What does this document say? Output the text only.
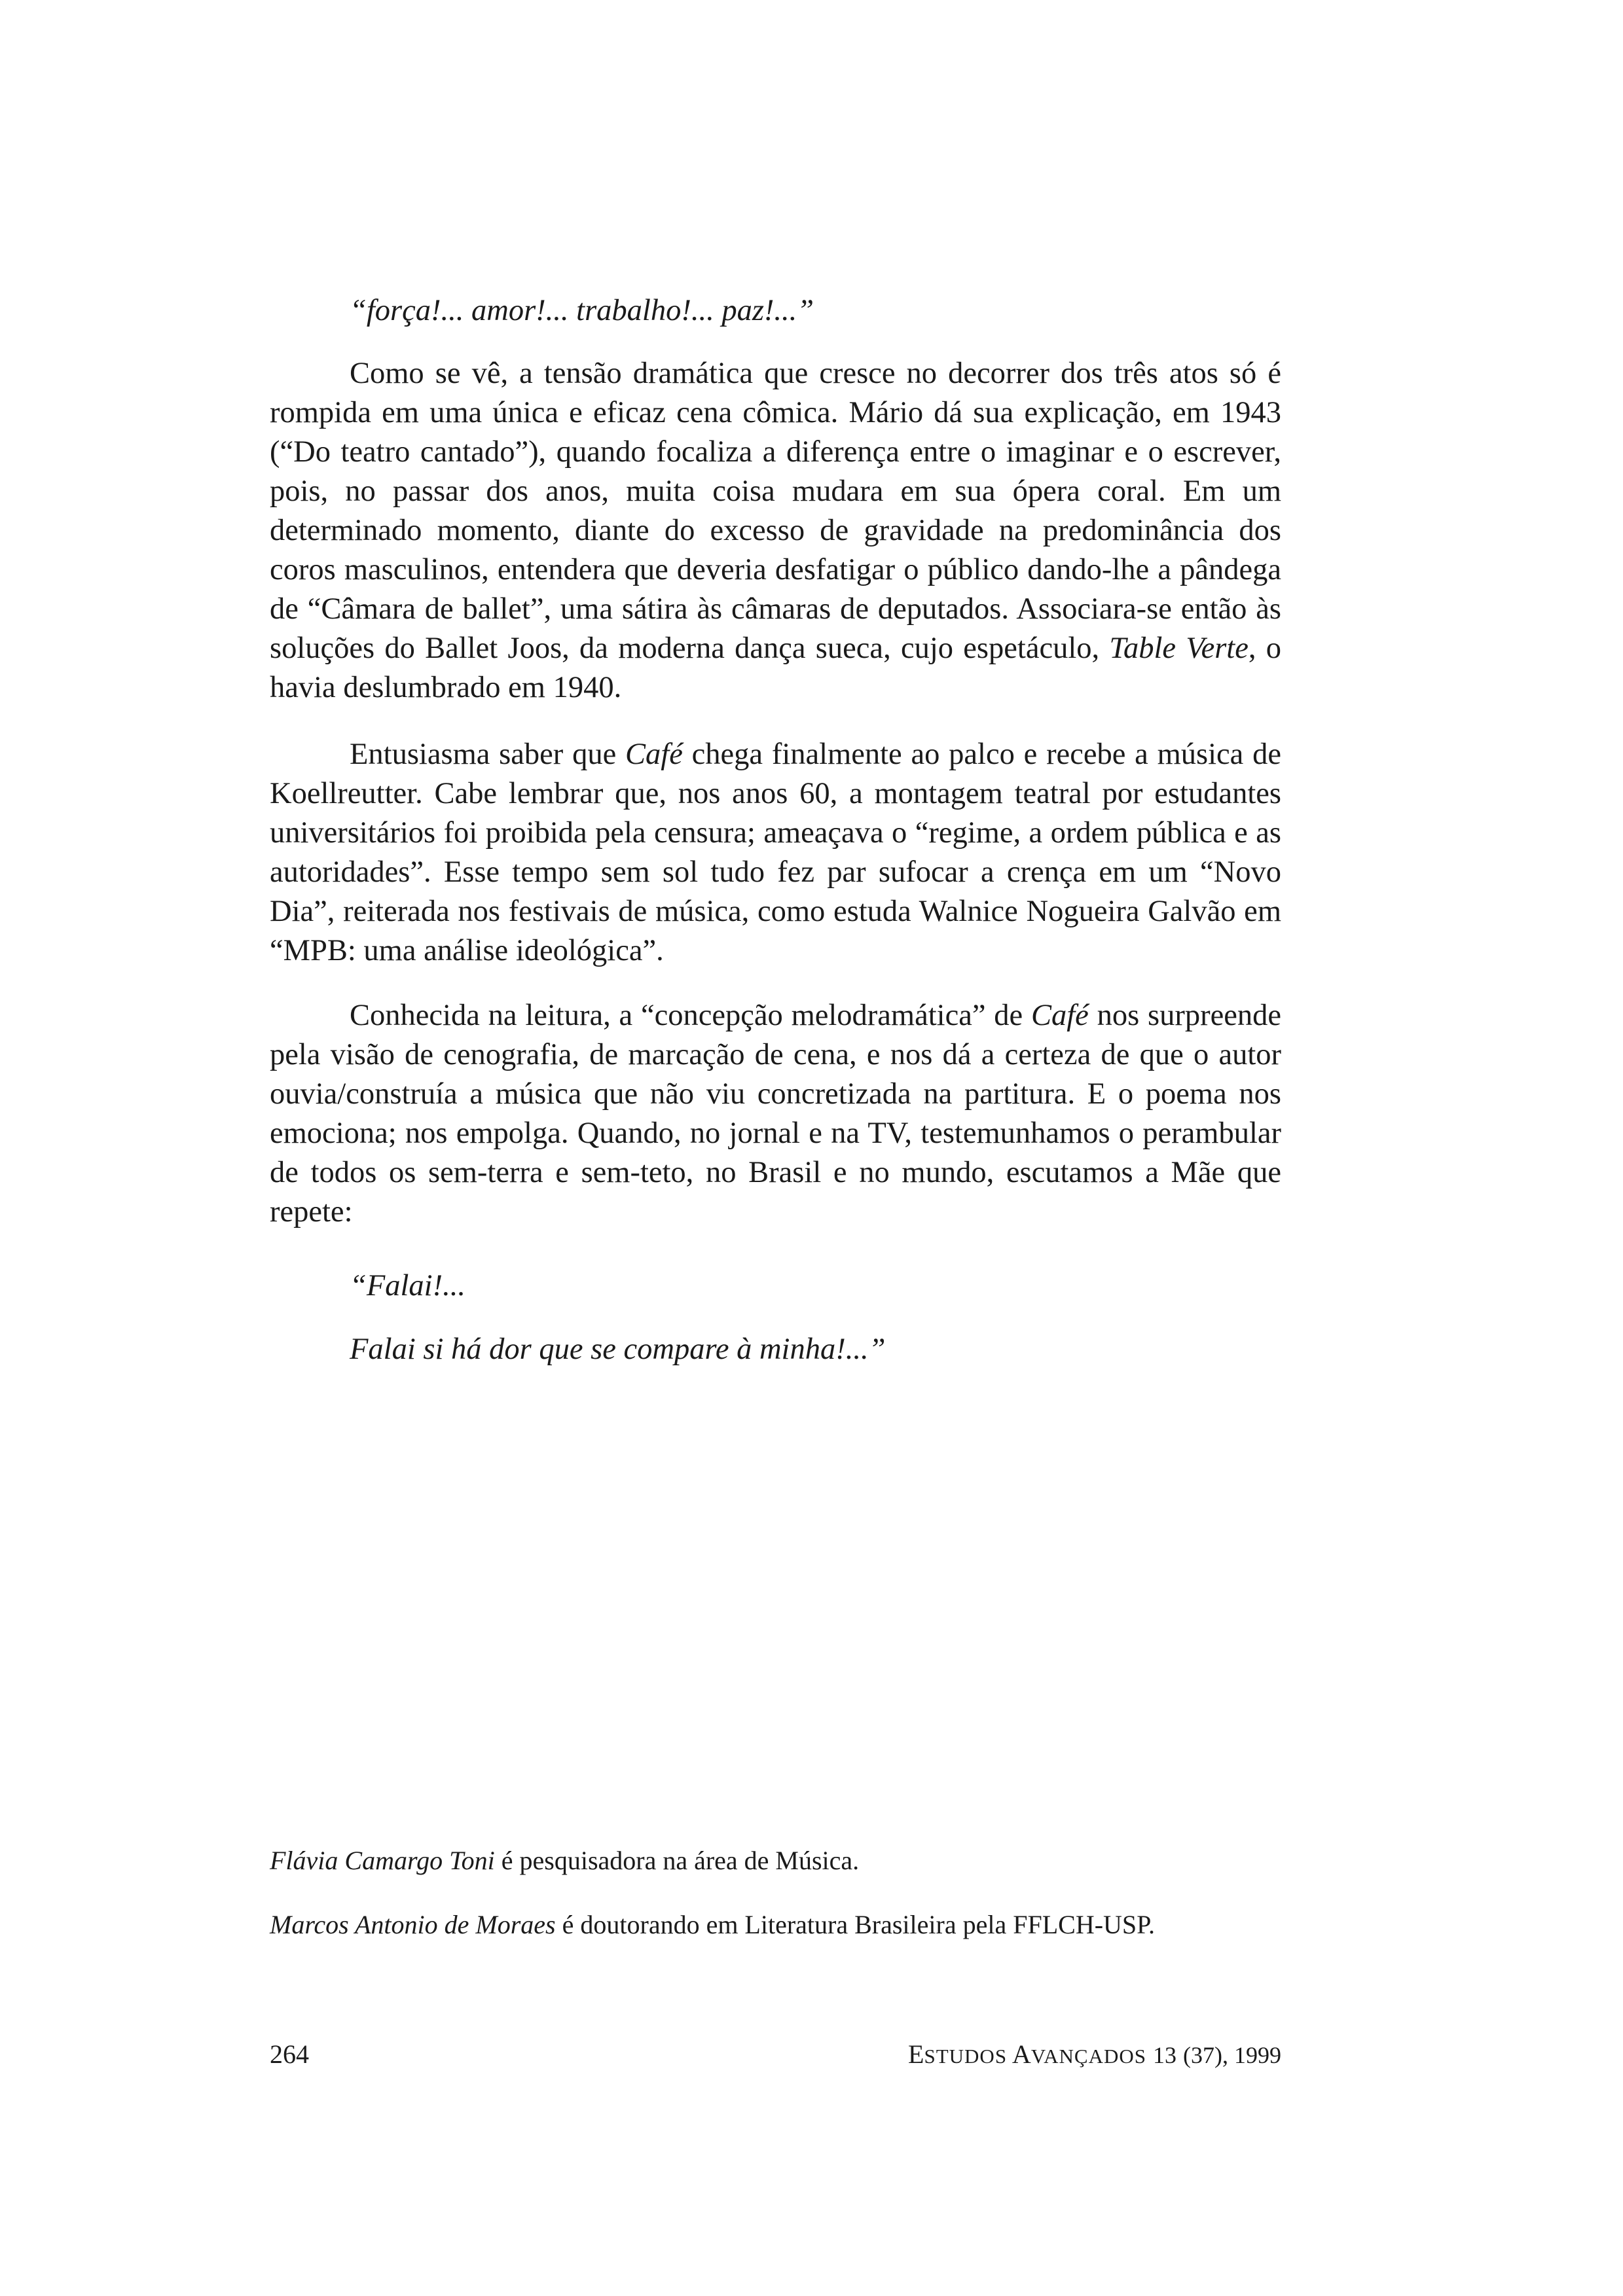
“força!... amor!... trabalho!... paz!...”
Como se vê, a tensão dramática que cresce no decorrer dos três atos só é rompida em uma única e eficaz cena cômica. Mário dá sua explicação, em 1943 (“Do teatro cantado”), quando focaliza a diferença entre o imaginar e o escrever, pois, no passar dos anos, muita coisa mudara em sua ópera coral. Em um determinado momento, diante do excesso de gravidade na predominância dos coros masculinos, entendera que deveria desfatigar o público dando-lhe a pândega de “Câmara de ballet”, uma sátira às câmaras de deputados. Associara-se então às soluções do Ballet Joos, da moderna dança sueca, cujo espetáculo, Table Verte, o havia deslumbrado em 1940.
Entusiasma saber que Café chega finalmente ao palco e recebe a música de Koellreutter. Cabe lembrar que, nos anos 60, a montagem teatral por estudantes universitários foi proibida pela censura; ameaçava o “regime, a ordem pública e as autoridades”. Esse tempo sem sol tudo fez par sufocar a crença em um “Novo Dia”, reiterada nos festivais de música, como estuda Walnice Nogueira Galvão em “MPB: uma análise ideológica”.
Conhecida na leitura, a “concepção melodramática” de Café nos surpreende pela visão de cenografia, de marcação de cena, e nos dá a certeza de que o autor ouvia/construía a música que não viu concretizada na partitura. E o poema nos emociona; nos empolga. Quando, no jornal e na TV, testemunhamos o perambular de todos os sem-terra e sem-teto, no Brasil e no mundo, escutamos a Mãe que repete:
“Falai!...
Falai si há dor que se compare à minha!...”
Flávia Camargo Toni é pesquisadora na área de Música.
Marcos Antonio de Moraes é doutorando em Literatura Brasileira pela FFLCH-USP.
264	ESTUDOS AVANÇADOS 13 (37), 1999
